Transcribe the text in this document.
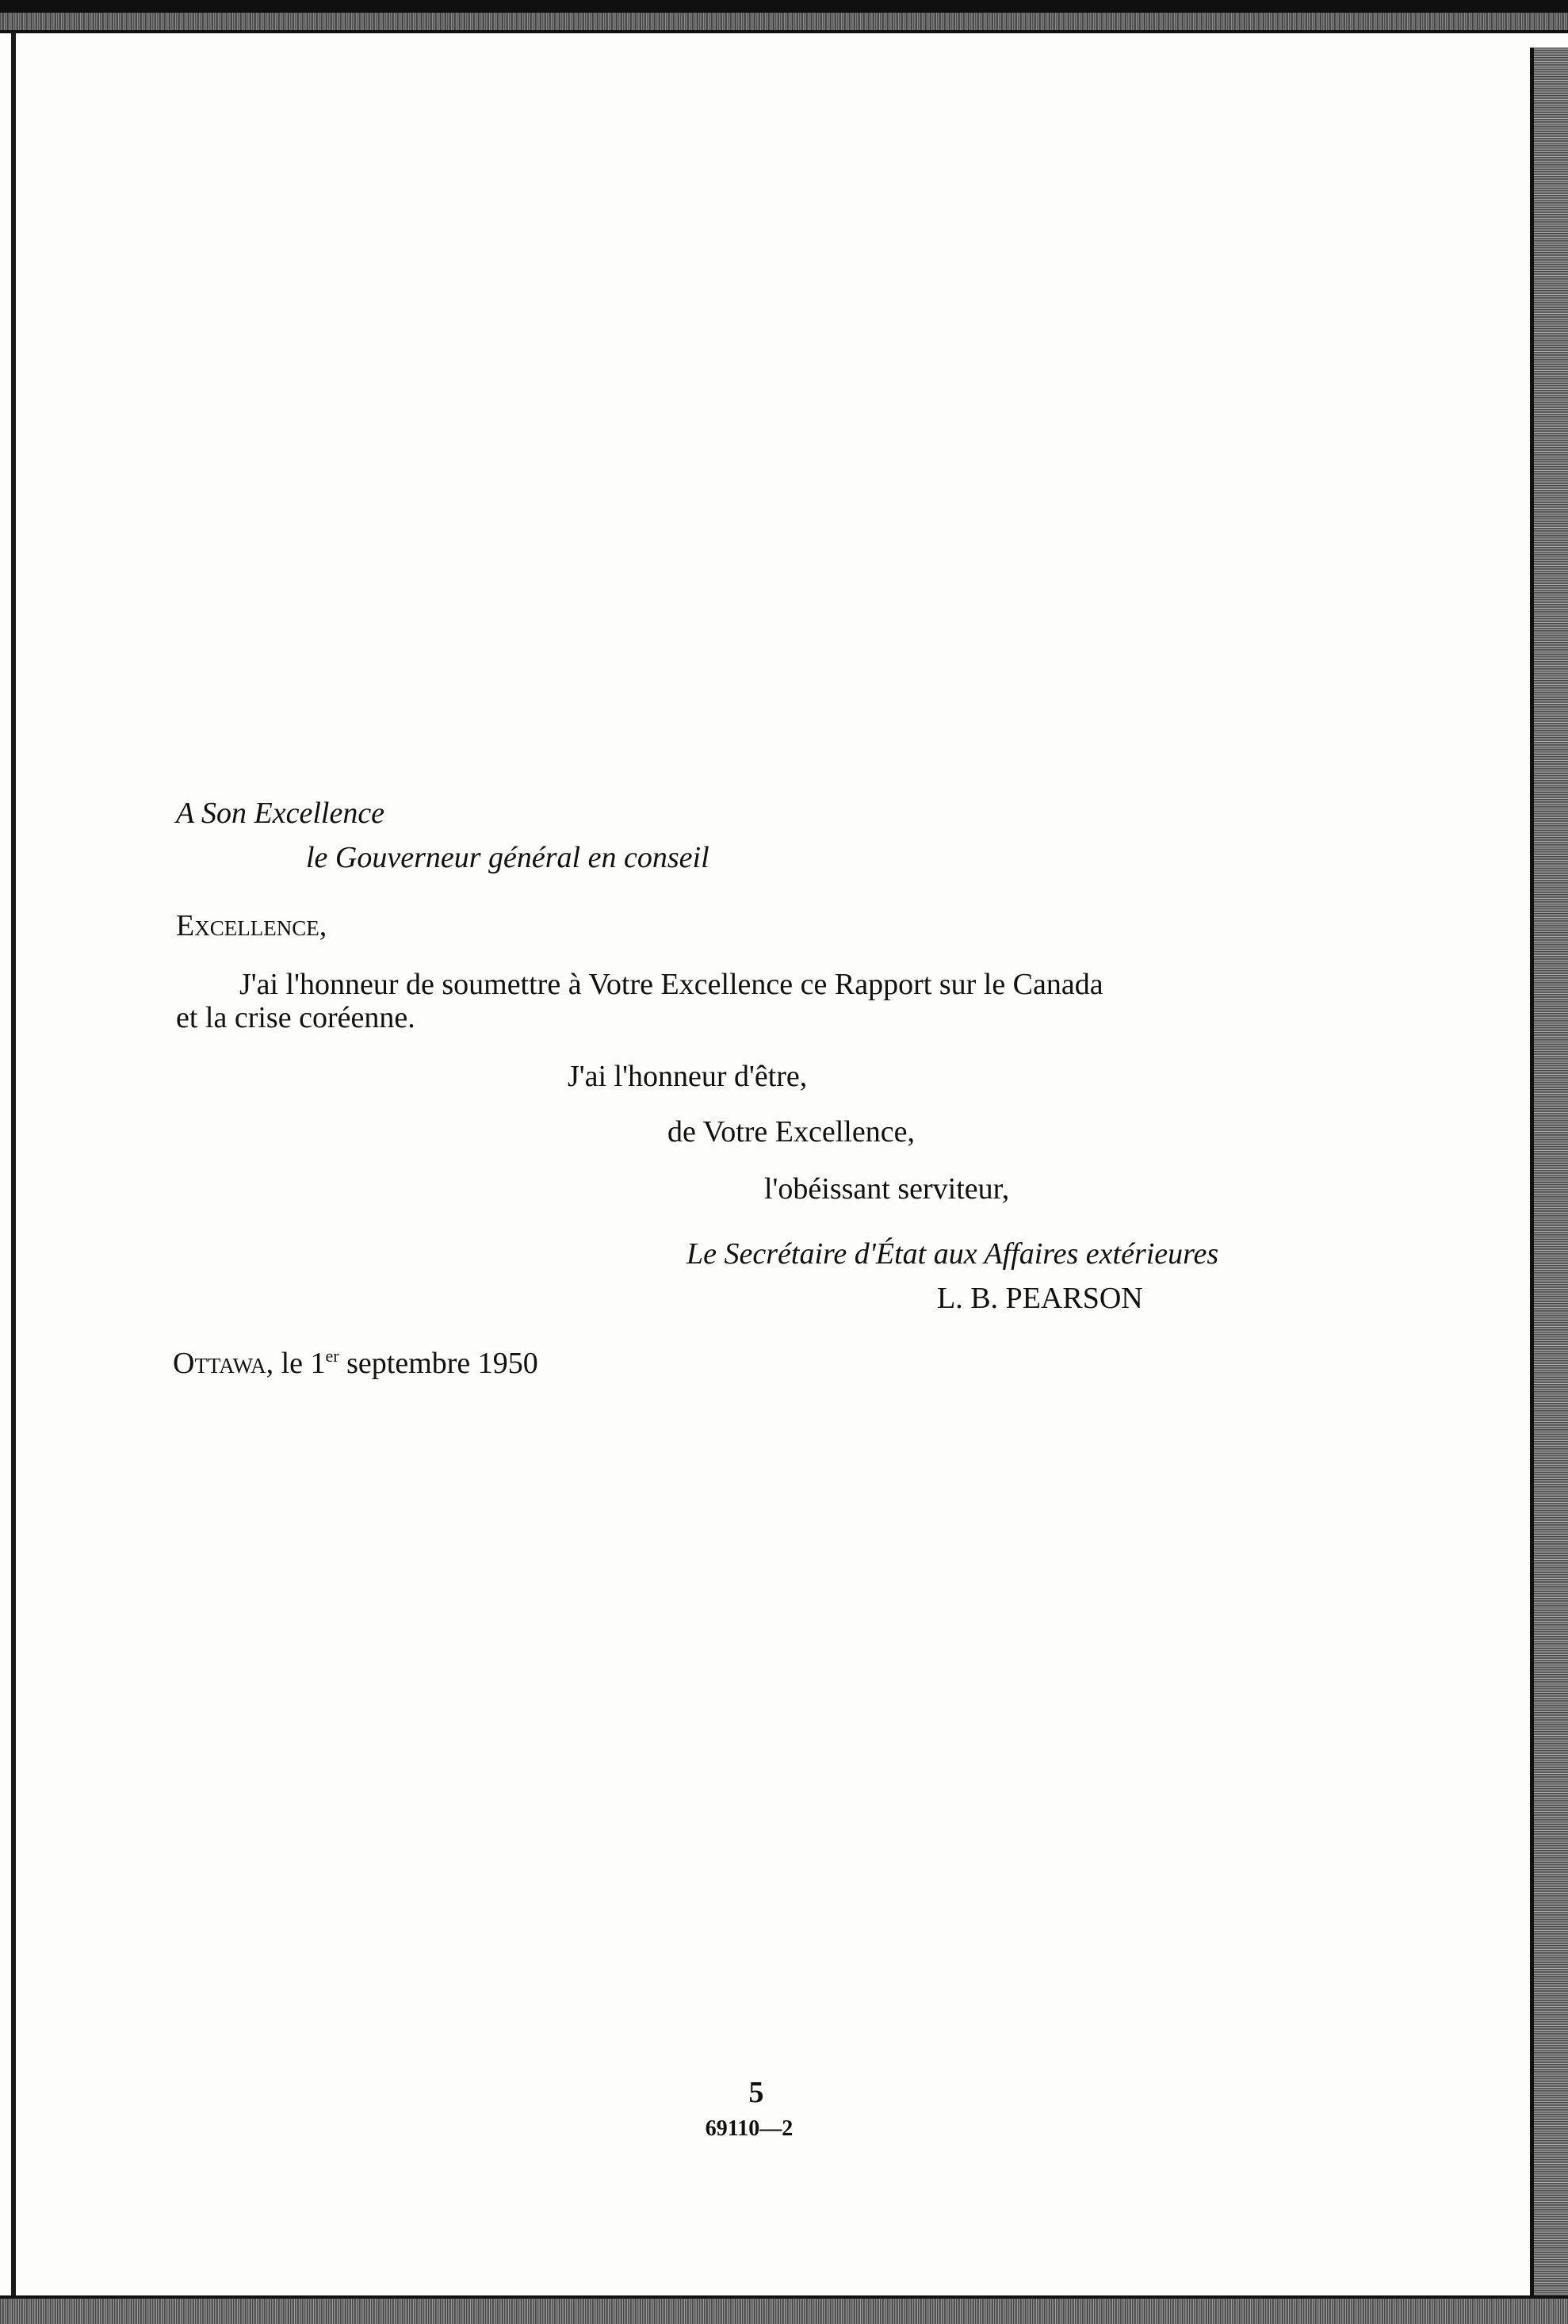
A Son Excellence
le Gouverneur général en conseil
Excellence,
J'ai l'honneur de soumettre à Votre Excellence ce Rapport sur le Canada
et la crise coréenne.
J'ai l'honneur d'être,
de Votre Excellence,
l'obéissant serviteur,
Le Secrétaire d'État aux Affaires extérieures
L. B. PEARSON
Ottawa, le 1er septembre 1950
5
69110—2
